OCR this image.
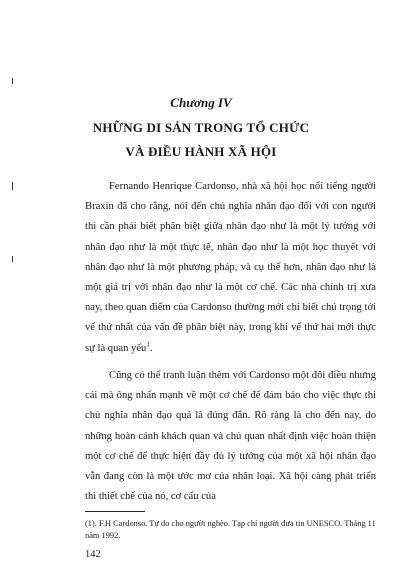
Chương IV
NHỮNG DI SẢN TRONG TỔ CHỨC
VÀ ĐIỀU HÀNH XÃ HỘI

Fernando Henrique Cardonso, nhà xã hội học nổi tiếng người Braxin đã cho rằng, nói đến chủ nghĩa nhân đạo đối với con người thì cần phải biết phân biệt giữa nhân đạo như là một lý tưởng với nhân đạo như là một thực tế, nhân đạo như là một học thuyết với nhân đạo như là một phương pháp, và cụ thể hơn, nhân đạo như là một giá trị với nhân đạo như là một cơ chế. Các nhà chính trị xưa nay, theo quan điểm của Cardonso thường mới chỉ biết chú trọng tới vế thứ nhất của vấn đề phân biệt này, trong khi vế thứ hai mới thực sự là quan yếu$^1$.

Cũng có thể tranh luận thêm với Cardonso một đôi điều nhưng cái mà ông nhấn mạnh về một cơ chế để đảm bảo cho việc thực thi chủ nghĩa nhân đạo quả là đúng đắn. Rõ ràng là cho đến nay, do những hoàn cảnh khách quan và chủ quan nhất định việc hoàn thiện một cơ chế để thực hiện đầy đủ lý tưởng của một xã hội nhân đạo vẫn đang còn là một ước mơ của nhân loại. Xã hội càng phát triển thì thiết chế của nó, cơ cấu của

(1). F.H Cardonso. Tự do cho người nghèo. Tạp chí người đưa tin UNESCO. Tháng 11 năm 1992.
142
